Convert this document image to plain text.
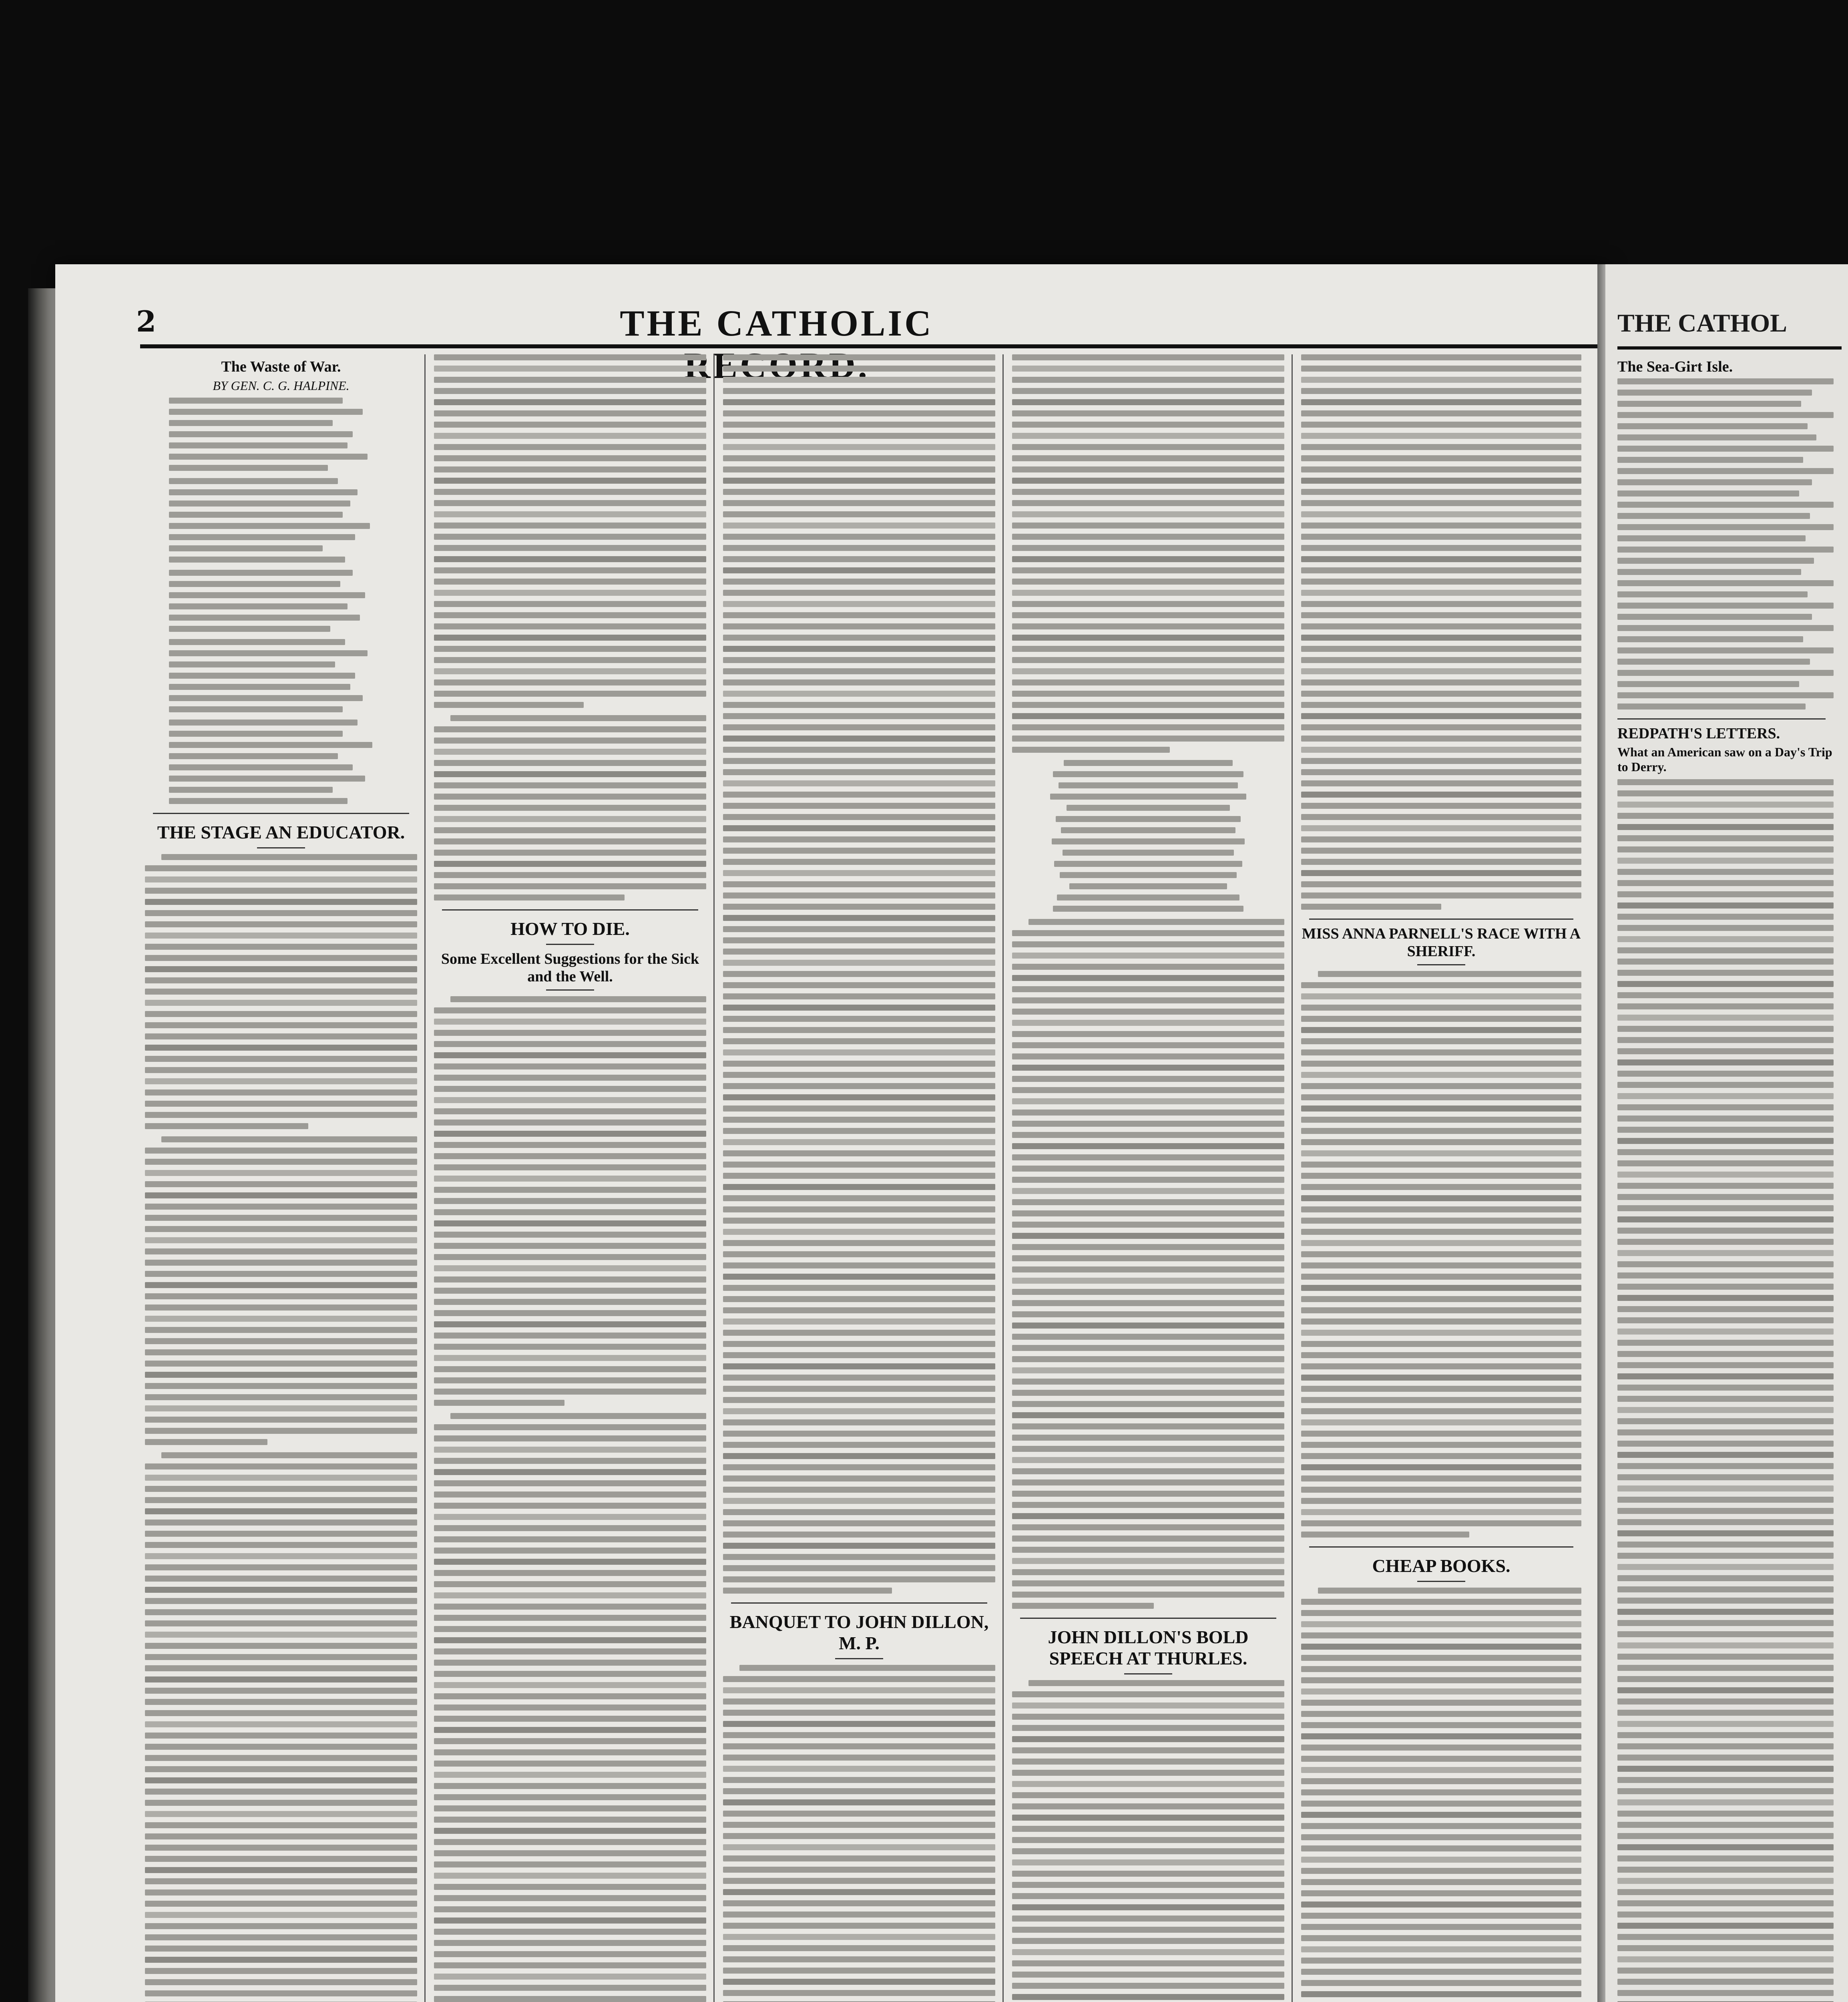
2	THE CATHOLIC
The Waste of War.
BY GEN. C. G. HALPINE.
THE STAGE AN EDUCATOR.
HOW TO DIE.
Some Excellent Suggestions for the Sick and the Well.
BANQUET TO JOHN DILLON, M. P.	JOHN DILLON'S BOLD SPEECH AT THURLES.
MISS ANNA PARNELL'S RACE WITH A SHERIFF.
CHEAP BOOKS.
THE CATHOL
The Sea-Girt Isle.
REDPATH'S LETTERS.
What an American saw on a Day's Trip to Derry.
